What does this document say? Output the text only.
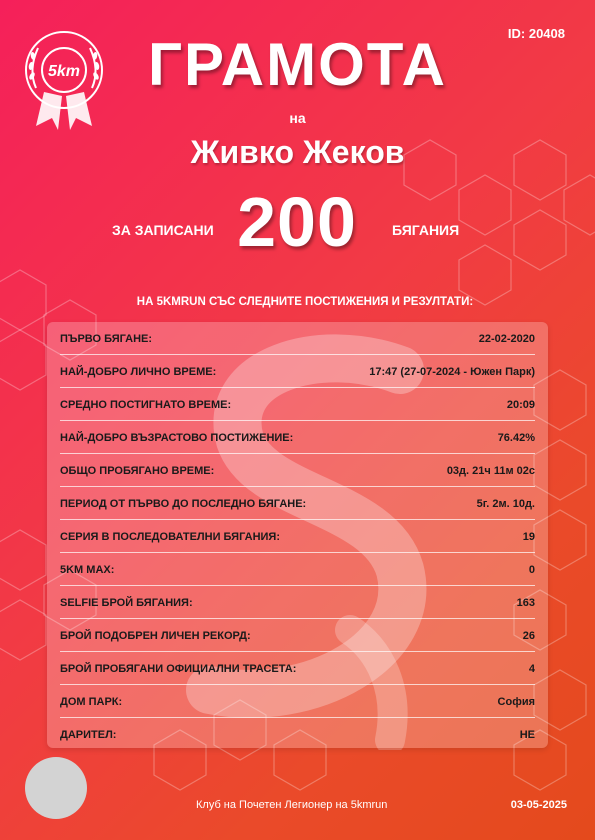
5km
ID: 20408
ГРАМОТА
на
Живко Жеков
ЗА ЗАПИСАНИ 200	БЯГАНИЯ
НА 5KMRUN СЪС СЛЕДНИТЕ ПОСТИЖЕНИЯ И РЕЗУЛТАТИ:
ПЪРВО БЯГАНЕ:	22-02-2020
НАЙ-ДОБРО ЛИЧНО ВРЕМЕ:	17:47 (27-07-2024 - Южен Парк)
СРЕДНО ПОСТИГНАТО ВРЕМЕ:	20:09
НАЙ-ДОБРО ВЪЗРАСТОВО ПОСТИЖЕНИЕ:	76.42%
ОБЩО ПРОБЯГАНО ВРЕМЕ:	03д. 21ч 11м 02с
ПЕРИОД ОТ ПЪРВО ДО ПОСЛЕДНО БЯГАНЕ:	5г. 2м. 10д.
СЕРИЯ В ПОСЛЕДОВАТЕЛНИ БЯГАНИЯ:	19
5KM MAX:	0
SELFIE БРОЙ БЯГАНИЯ:	163
БРОЙ ПОДОБРЕН ЛИЧЕН РЕКОРД:	26
БРОЙ ПРОБЯГАНИ ОФИЦИАЛНИ ТРАСЕТА:	4
ДОМ ПАРК:	София
ДАРИТЕЛ:	НЕ
Клуб на Почетен Легионер на 5kmrun	03-05-2025
